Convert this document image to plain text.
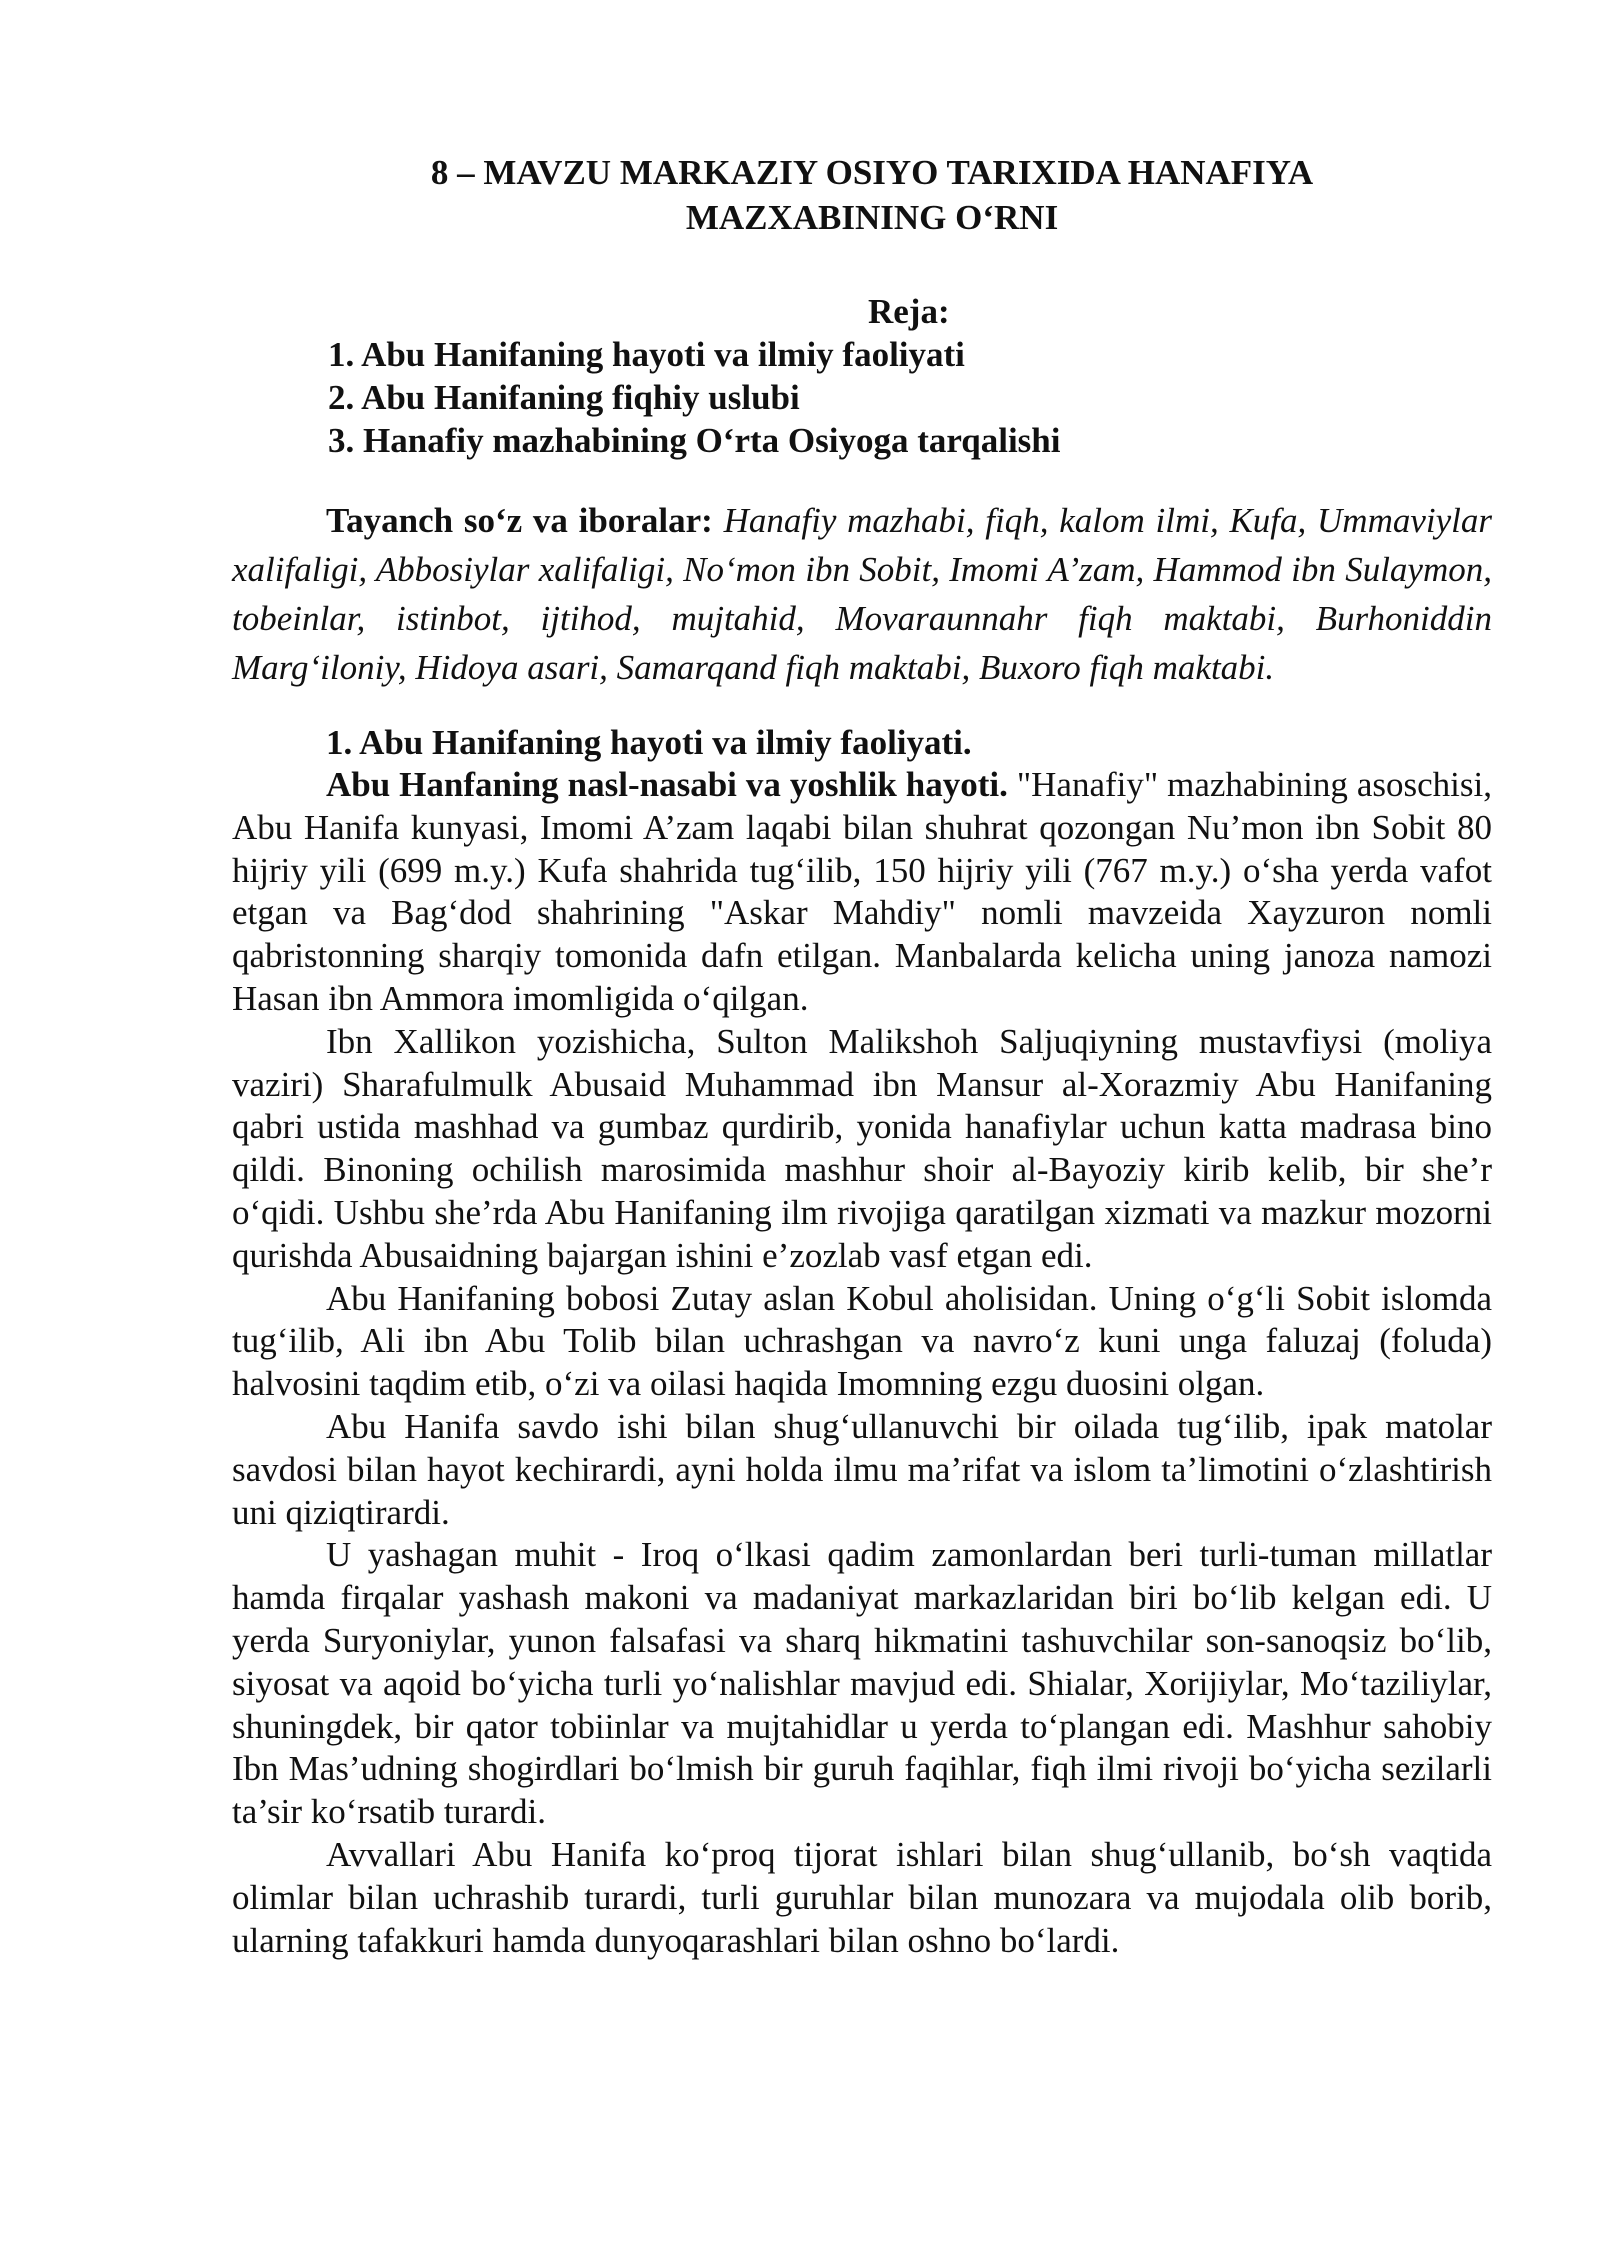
8 – MAVZU MARKAZIY OSIYO TARIXIDA HANAFIYA
MAZXABINING O‘RNI
Reja:
1. Abu Hanifaning hayoti va ilmiy faoliyati
2. Abu Hanifaning fiqhiy uslubi
3. Hanafiy mazhabining O‘rta Osiyoga tarqalishi
Tayanch so‘z va iboralar: Hanafiy mazhabi, fiqh, kalom ilmi, Kufa, Ummaviylar xalifaligi, Abbosiylar xalifaligi, No‘mon ibn Sobit, Imomi A’zam, Hammod ibn Sulaymon, tobeinlar, istinbot, ijtihod, mujtahid, Movaraunnahr fiqh maktabi, Burhoniddin Marg‘iloniy, Hidoya asari, Samarqand fiqh maktabi, Buxoro fiqh maktabi.
1. Abu Hanifaning hayoti va ilmiy faoliyati.

Abu Hanfaning nasl-nasabi va yoshlik hayoti. "Hanafiy" mazhabining asoschisi, Abu Hanifa kunyasi, Imomi A’zam laqabi bilan shuhrat qozongan Nu’mon ibn Sobit 80 hijriy yili (699 m.y.) Kufa shahrida tug‘ilib, 150 hijriy yili (767 m.y.) o‘sha yerda vafot etgan va Bag‘dod shahrining "Askar Mahdiy" nomli mavzeida Xayzuron nomli qabristonning sharqiy tomonida dafn etilgan. Manbalarda kelicha uning janoza namozi Hasan ibn Ammora imomligida o‘qilgan.

Ibn Xallikon yozishicha, Sulton Malikshoh Saljuqiyning mustavfiysi (moliya vaziri) Sharafulmulk Abusaid Muhammad ibn Mansur al-Xorazmiy Abu Hanifaning qabri ustida mashhad va gumbaz qurdirib, yonida hanafiylar uchun katta madrasa bino qildi. Binoning ochilish marosimida mashhur shoir al-Bayoziy kirib kelib, bir she’r o‘qidi. Ushbu she’rda Abu Hanifaning ilm rivojiga qaratilgan xizmati va mazkur mozorni qurishda Abusaidning bajargan ishini e’zozlab vasf etgan edi.

Abu Hanifaning bobosi Zutay aslan Kobul aholisidan. Uning o‘g‘li Sobit islomda tug‘ilib, Ali ibn Abu Tolib bilan uchrashgan va navro‘z kuni unga faluzaj (foluda) halvosini taqdim etib, o‘zi va oilasi haqida Imomning ezgu duosini olgan.

Abu Hanifa savdo ishi bilan shug‘ullanuvchi bir oilada tug‘ilib, ipak matolar savdosi bilan hayot kechirardi, ayni holda ilmu ma’rifat va islom ta’limotini o‘zlashtirish uni qiziqtirardi.

U yashagan muhit - Iroq o‘lkasi qadim zamonlardan beri turli-tuman millatlar hamda firqalar yashash makoni va madaniyat markazlaridan biri bo‘lib kelgan edi. U yerda Suryoniylar, yunon falsafasi va sharq hikmatini tashuvchilar son-sanoqsiz bo‘lib, siyosat va aqoid bo‘yicha turli yo‘nalishlar mavjud edi. Shialar, Xorijiylar, Mo‘taziliylar, shuningdek, bir qator tobiinlar va mujtahidlar u yerda to‘plangan edi. Mashhur sahobiy Ibn Mas’udning shogirdlari bo‘lmish bir guruh faqihlar, fiqh ilmi rivoji bo‘yicha sezilarli ta’sir ko‘rsatib turardi.

Avvallari Abu Hanifa ko‘proq tijorat ishlari bilan shug‘ullanib, bo‘sh vaqtida olimlar bilan uchrashib turardi, turli guruhlar bilan munozara va mujodala olib borib, ularning tafakkuri hamda dunyoqarashlari bilan oshno bo‘lardi.
